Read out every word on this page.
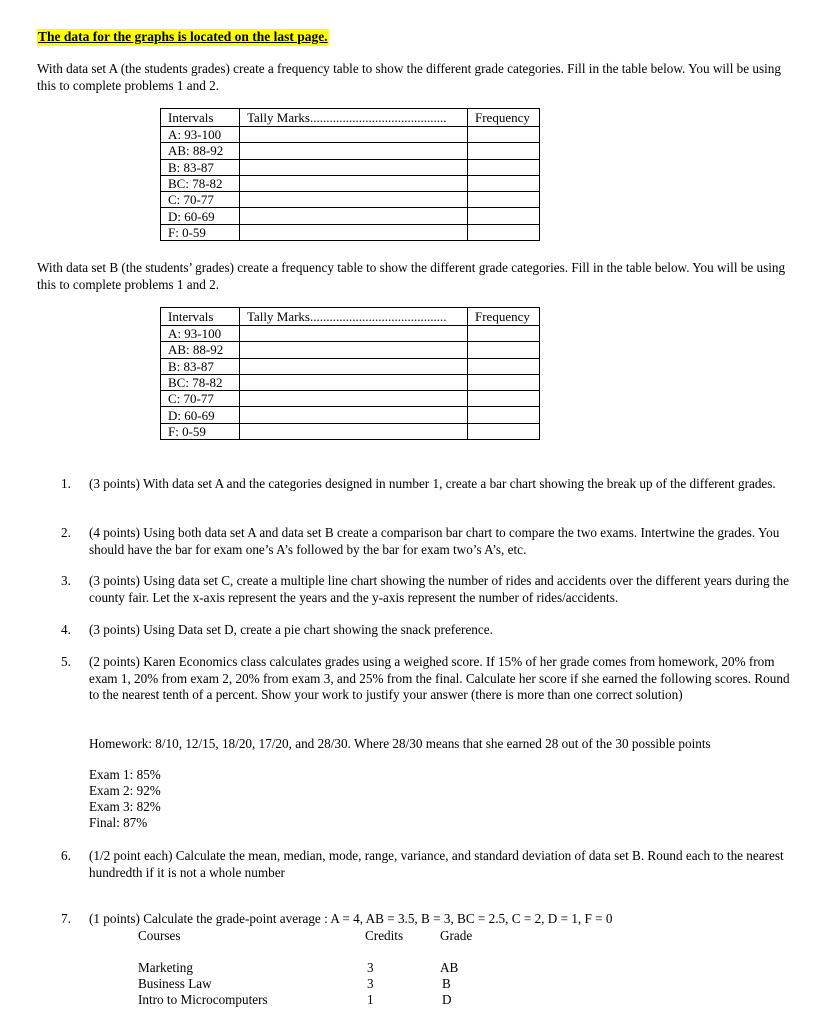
The data for the graphs is located on the last page.
With data set A (the students grades) create a frequency table to show the different grade categories. Fill in the table below. You will be using this to complete problems 1 and 2.
Intervals	Tally Marks..........................................	Frequency
A: 93-100		
AB: 88-92		
B: 83-87		
BC: 78-82		
C: 70-77		
D: 60-69		
F: 0-59		
With data set B (the students’ grades) create a frequency table to show the different grade categories. Fill in the table below. You will be using this to complete problems 1 and 2.
Intervals	Tally Marks..........................................	Frequency
A: 93-100		
AB: 88-92		
B: 83-87		
BC: 78-82		
C: 70-77		
D: 60-69		
F: 0-59		
1. (3 points) With data set A and the categories designed in number 1, create a bar chart showing the break up of the different grades.
2. (4 points) Using both data set A and data set B create a comparison bar chart to compare the two exams. Intertwine the grades. You should have the bar for exam one’s A’s followed by the bar for exam two’s A’s, etc.
3. (3 points) Using data set C, create a multiple line chart showing the number of rides and accidents over the different years during the county fair. Let the x-axis represent the years and the y-axis represent the number of rides/accidents.
4. (3 points) Using Data set D, create a pie chart showing the snack preference.
5. (2 points) Karen Economics class calculates grades using a weighed score. If 15% of her grade comes from homework, 20% from exam 1, 20% from exam 2, 20% from exam 3, and 25% from the final. Calculate her score if she earned the following scores. Round to the nearest tenth of a percent. Show your work to justify your answer (there is more than one correct solution)
Homework: 8/10, 12/15, 18/20, 17/20, and 28/30. Where 28/30 means that she earned 28 out of the 30 possible points
Exam 1: 85%
Exam 2: 92%
Exam 3: 82%
Final: 87%
6. (1/2 point each) Calculate the mean, median, mode, range, variance, and standard deviation of data set B. Round each to the nearest hundredth if it is not a whole number
7. (1 points) Calculate the grade-point average : A = 4, AB = 3.5, B = 3, BC = 2.5, C = 2, D = 1, F = 0
Courses	Credits	Grade
Marketing	3	AB
Business Law	3	B
Intro to Microcomputers	1	D
